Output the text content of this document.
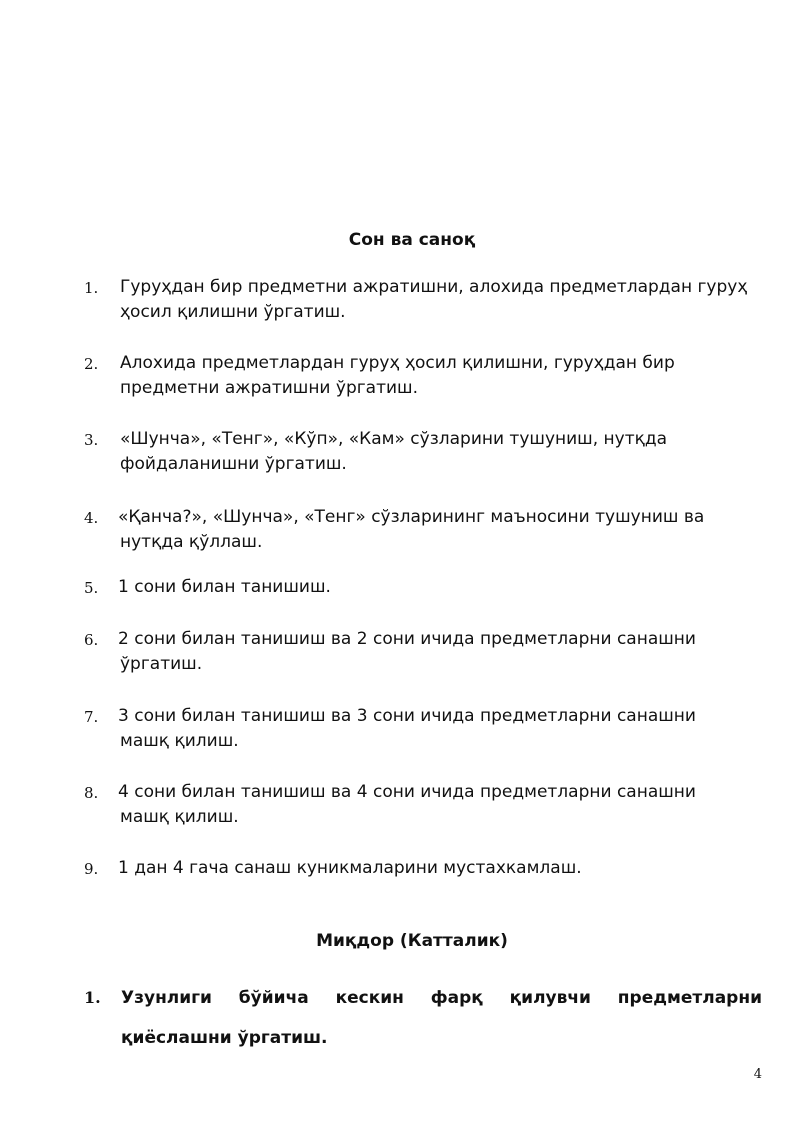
Сон ва саноқ
1. Гуруҳдан бир предметни ажратишни, алохида предметлардан гуруҳ
ҳосил қилишни ўргатиш.
2. Алохида предметлардан гуруҳ ҳосил қилишни, гуруҳдан бир
предметни ажратишни ўргатиш.
3. «Шунча», «Тенг», «Кўп», «Кам» сўзларини тушуниш, нутқда
фойдаланишни ўргатиш.
4. «Қанча?», «Шунча», «Тенг» сўзларининг маъносини тушуниш ва
нутқда қўллаш.
5. 1 сони билан танишиш.
6. 2 сони билан танишиш ва 2 сони ичида предметларни санашни
ўргатиш.
7. 3 сони билан танишиш ва 3 сони ичида предметларни санашни
машқ қилиш.
8. 4 сони билан танишиш ва 4 сони ичида предметларни санашни
машқ қилиш.
9. 1 дан 4 гача санаш куникмаларини мустахкамлаш.
Миқдор (Катталик)
1. Узунлиги бўйича кескин фарқ қилувчи предметларни
қиёслашни ўргатиш.
4
